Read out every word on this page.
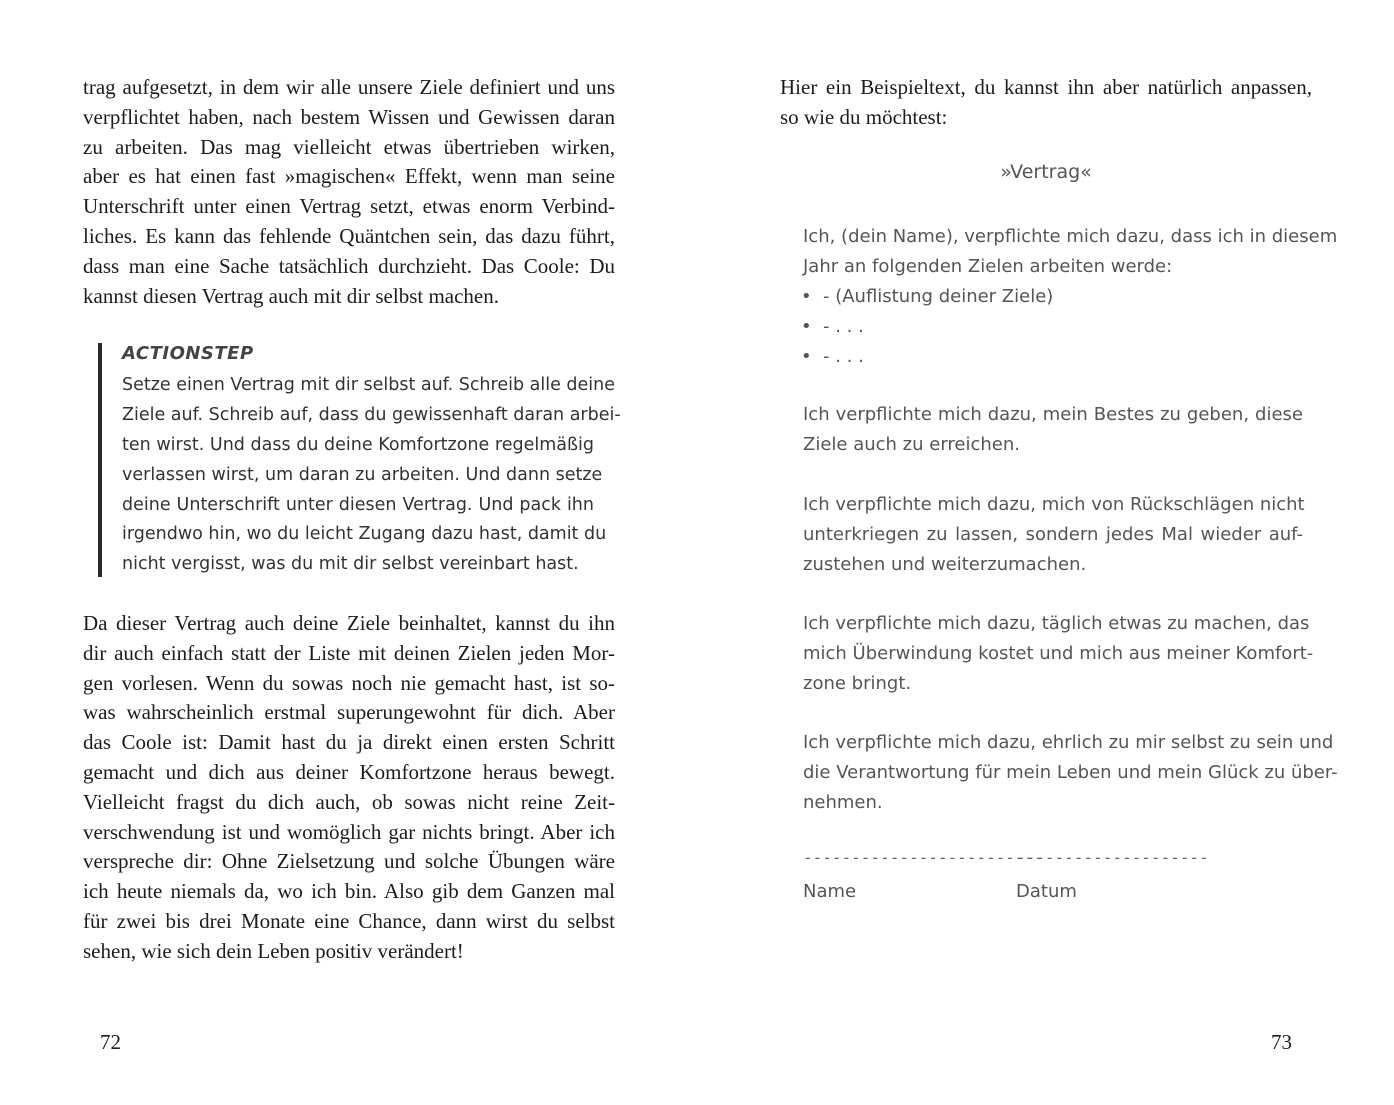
trag aufgesetzt, in dem wir alle unsere Ziele definiert und uns
verpflichtet haben, nach bestem Wissen und Gewissen daran
zu arbeiten. Das mag vielleicht etwas übertrieben wirken,
aber es hat einen fast »magischen« Effekt, wenn man seine
Unterschrift unter einen Vertrag setzt, etwas enorm Verbind-
liches. Es kann das fehlende Quäntchen sein, das dazu führt,
dass man eine Sache tatsächlich durchzieht. Das Coole: Du
kannst diesen Vertrag auch mit dir selbst machen.
ACTIONSTEP
Setze einen Vertrag mit dir selbst auf. Schreib alle deine
Ziele auf. Schreib auf, dass du gewissenhaft daran arbei-
ten wirst. Und dass du deine Komfortzone regelmäßig
verlassen wirst, um daran zu arbeiten. Und dann setze
deine Unterschrift unter diesen Vertrag. Und pack ihn
irgendwo hin, wo du leicht Zugang dazu hast, damit du
nicht vergisst, was du mit dir selbst vereinbart hast.
Da dieser Vertrag auch deine Ziele beinhaltet, kannst du ihn
dir auch einfach statt der Liste mit deinen Zielen jeden Mor-
gen vorlesen. Wenn du sowas noch nie gemacht hast, ist so-
was wahrscheinlich erstmal superungewohnt für dich. Aber
das Coole ist: Damit hast du ja direkt einen ersten Schritt
gemacht und dich aus deiner Komfortzone heraus bewegt.
Vielleicht fragst du dich auch, ob sowas nicht reine Zeit-
verschwendung ist und womöglich gar nichts bringt. Aber ich
verspreche dir: Ohne Zielsetzung und solche Übungen wäre
ich heute niemals da, wo ich bin. Also gib dem Ganzen mal
für zwei bis drei Monate eine Chance, dann wirst du selbst
sehen, wie sich dein Leben positiv verändert!
72
Hier ein Beispieltext, du kannst ihn aber natürlich anpassen,
so wie du möchtest:
»Vertrag«
Ich, (dein Name), verpflichte mich dazu, dass ich in diesem
Jahr an folgenden Zielen arbeiten werde:
• - (Auflistung deiner Ziele)
• - . . .
• - . . .
Ich verpflichte mich dazu, mein Bestes zu geben, diese
Ziele auch zu erreichen.
Ich verpflichte mich dazu, mich von Rückschlägen nicht
unterkriegen zu lassen, sondern jedes Mal wieder auf-
zustehen und weiterzumachen.
Ich verpflichte mich dazu, täglich etwas zu machen, das
mich Überwindung kostet und mich aus meiner Komfort-
zone bringt.
Ich verpflichte mich dazu, ehrlich zu mir selbst zu sein und
die Verantwortung für mein Leben und mein Glück zu über-
nehmen.
-------------------------
--------------------
Name	Datum
73
